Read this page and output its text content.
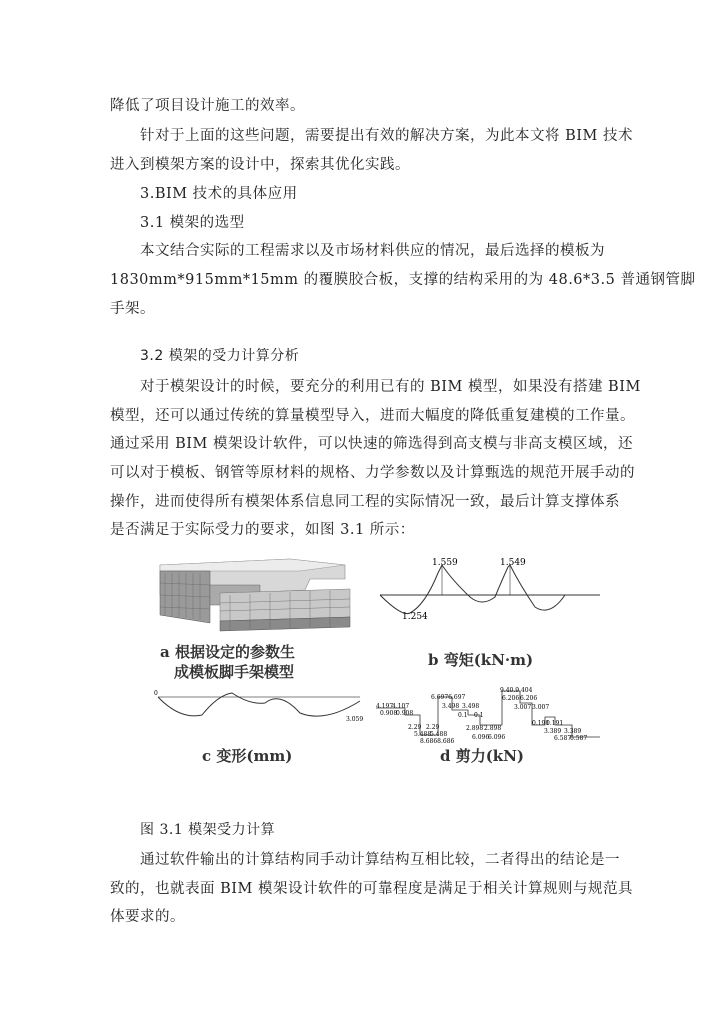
降低了项目设计施工的效率。
针对于上面的这些问题，需要提出有效的解决方案，为此本文将 BIM 技术
进入到模架方案的设计中，探索其优化实践。
3.BIM 技术的具体应用
3.1 模架的选型
本文结合实际的工程需求以及市场材料供应的情况，最后选择的模板为
1830mm*915mm*15mm 的覆膜胶合板，支撑的结构采用的为 48.6*3.5 普通钢管脚
手架。
3.2 模架的受力计算分析
对于模架设计的时候，要充分的利用已有的 BIM 模型，如果没有搭建 BIM
模型，还可以通过传统的算量模型导入，进而大幅度的降低重复建模的工作量。
通过采用 BIM 模架设计软件，可以快速的筛选得到高支模与非高支模区域，还
可以对于模板、钢管等原材料的规格、力学参数以及计算甄选的规范开展手动的
操作，进而使得所有模架体系信息同工程的实际情况一致，最后计算支撑体系
是否满足于实际受力的要求，如图 3.1 所示：
1.559	1.549
1.254
0
3.059
4.197
4.107
0.908
0.908
6.6976.697
3.498 3.498
0.1 0.1
9.40.9.404
6.206 6.206
3.007 3.007
2.29 2.29	2.898 2.898
5.488
5.488
8.6868.686
6.096
6.096
0.191
0.191
3.389 3.389
6.587
6.587
a 根据设定的参数生
成模板脚手架模型
b 弯矩(kN·m)
c 变形(mm)	d 剪力(kN)
图 3.1 模架受力计算
通过软件输出的计算结构同手动计算结构互相比较，二者得出的结论是一
致的，也就表面 BIM 模架设计软件的可靠程度是满足于相关计算规则与规范具
体要求的。
